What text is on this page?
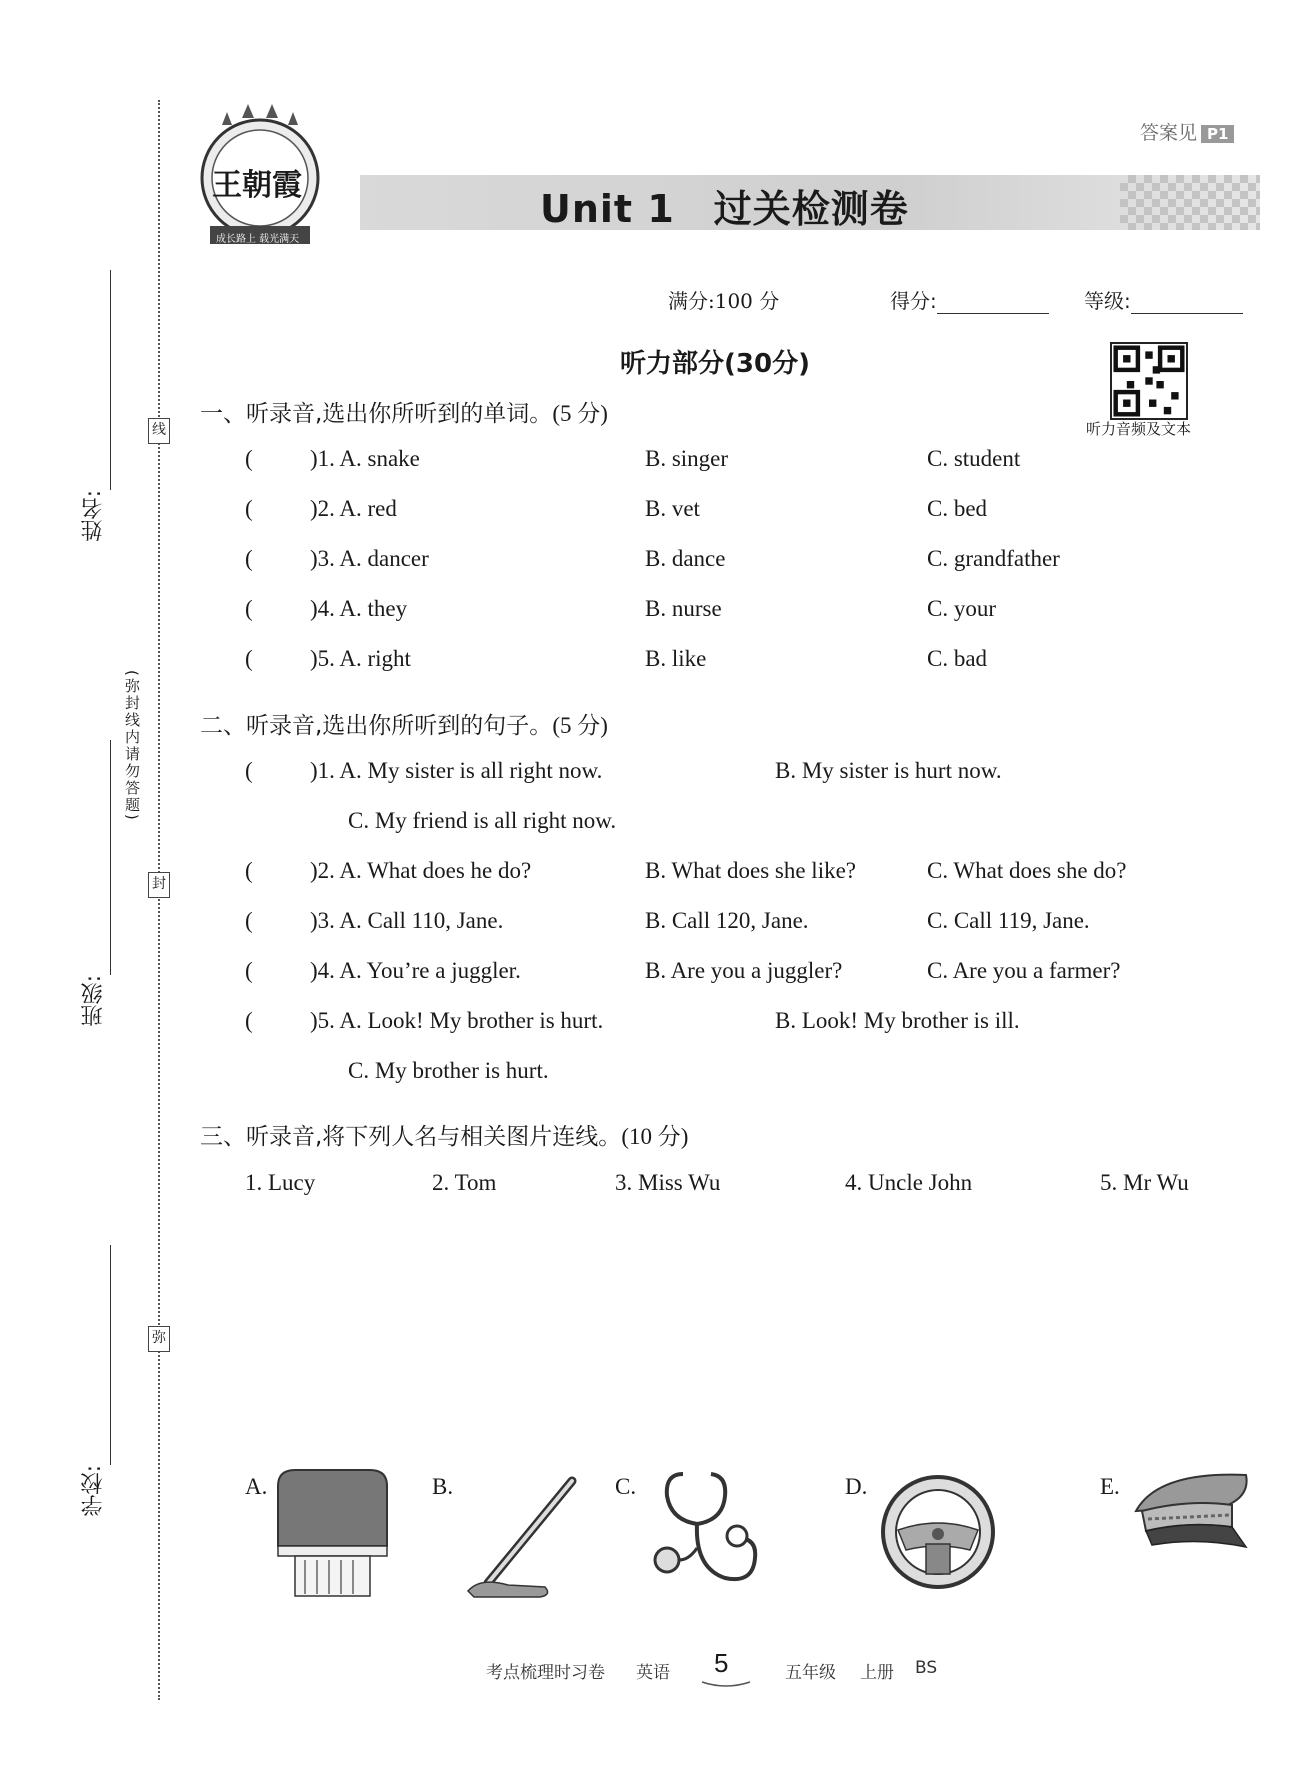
线
封
弥
姓名:
班级:
学校:
(弥封线内请勿答题)
王朝霞
成长路上 载光满天
Unit 1　过关检测卷
答案见 P1
满分:100 分	得分:	等级:
听力部分(30分)
听力音频及文本
一、听录音,选出你所听到的单词。(5 分)
( )1. A. snake	B. singer	C. student
( )2. A. red	B. vet	C. bed
( )3. A. dancer	B. dance	C. grandfather
( )4. A. they	B. nurse	C. your
( )5. A. right	B. like	C. bad
二、听录音,选出你所听到的句子。(5 分)
( )1. A. My sister is all right now.	B. My sister is hurt now.
C. My friend is all right now.
( )2. A. What does he do?	B. What does she like?	C. What does she do?
( )3. A. Call 110, Jane.	B. Call 120, Jane.	C. Call 119, Jane.
( )4. A. You’re a juggler.	B. Are you a juggler?	C. Are you a farmer?
( )5. A. Look! My brother is hurt.	B. Look! My brother is ill.
C. My brother is hurt.
三、听录音,将下列人名与相关图片连线。(10 分)
1. Lucy	2. Tom	3. Miss Wu	4. Uncle John	5. Mr Wu
A.	B.	C.	D.	E.
考点梳理时习卷 英语 5	五年级 上册 BS
